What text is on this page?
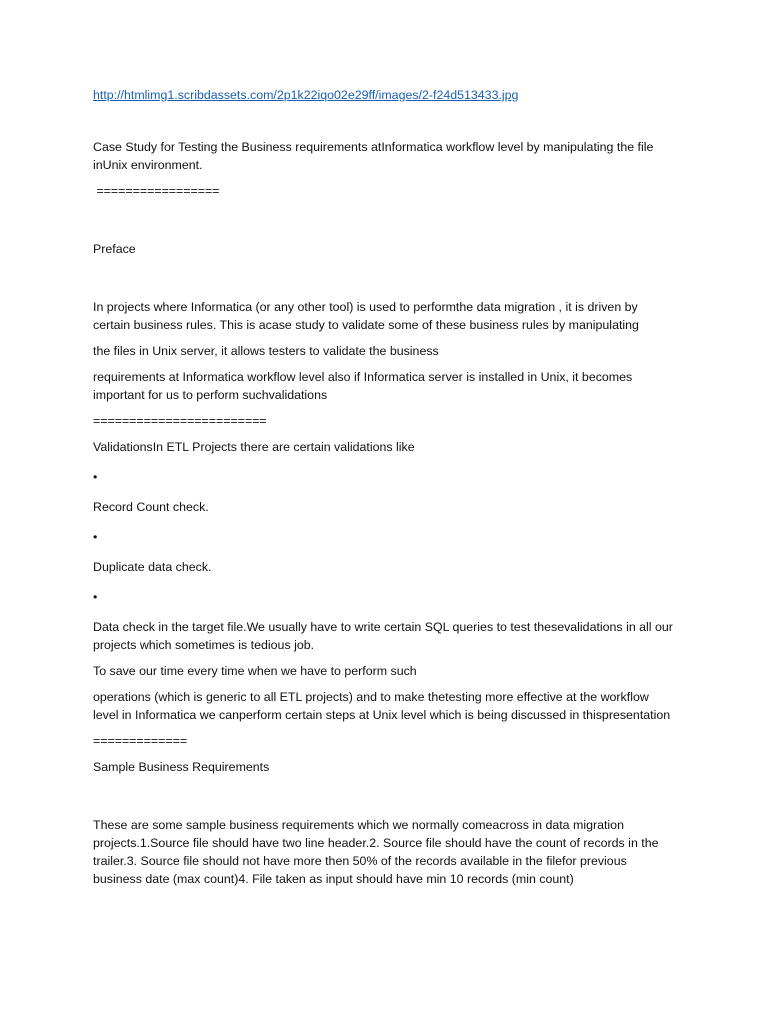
http://htmlimg1.scribdassets.com/2p1k22iqo02e29ff/images/2-f24d513433.jpg

Case Study for Testing the Business requirements atInformatica workflow level by manipulating the file inUnix environment.

=================

Preface

In projects where Informatica (or any other tool) is used to performthe data migration , it is driven by certain business rules. This is acase study to validate some of these business rules by manipulating

the files in Unix server, it allows testers to validate the business

requirements at Informatica workflow level also if Informatica server is installed in Unix, it becomes important for us to perform suchvalidations

========================

ValidationsIn ETL Projects there are certain validations like

•

Record Count check.

•

Duplicate data check.

•

Data check in the target file.We usually have to write certain SQL queries to test thesevalidations in all our projects which sometimes is tedious job.

To save our time every time when we have to perform such

operations (which is generic to all ETL projects) and to make thetesting more effective at the workflow level in Informatica we canperform certain steps at Unix level which is being discussed in thispresentation

=============

Sample Business Requirements

These are some sample business requirements which we normally comeacross in data migration projects.1.Source file should have two line header.2. Source file should have the count of records in the trailer.3. Source file should not have more then 50% of the records available in the filefor previous business date (max count)4. File taken as input should have min 10 records (min count)
